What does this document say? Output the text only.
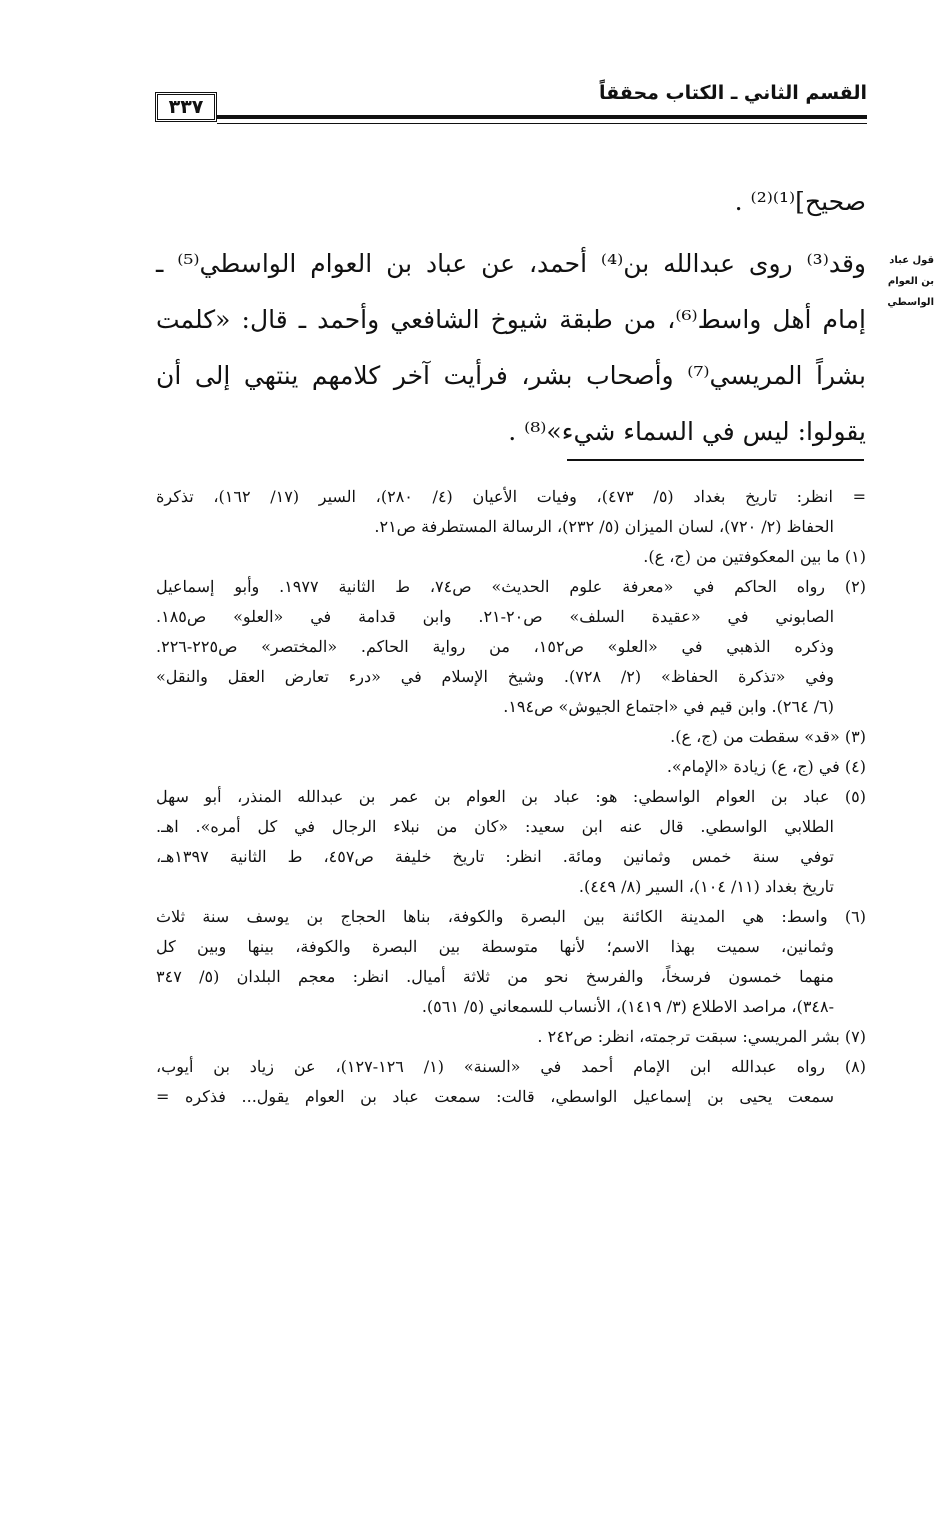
القسم الثاني ـ الكتاب محققاً
٣٣٧
قول عباد
بن العوام
الواسطي
صحيح]⁽¹⁾⁽²⁾ .
وقد⁽³⁾ روى عبدالله بن⁽⁴⁾ أحمد، عن عباد بن العوام الواسطي⁽⁵⁾ ـ
إمام أهل واسط⁽⁶⁾، من طبقة شيوخ الشافعي وأحمد ـ قال: «كلمت
بشراً المريسي⁽⁷⁾ وأصحاب بشر، فرأيت آخر كلامهم ينتهي إلى أن
يقولوا: ليس في السماء شيء»⁽⁸⁾ .
= انظر: تاريخ بغداد (٥/ ٤٧٣)، وفيات الأعيان (٤/ ٢٨٠)، السير (١٧/ ١٦٢)، تذكرة
الحفاظ (٢/ ٧٢٠)، لسان الميزان (٥/ ٢٣٢)، الرسالة المستطرفة ص٢١.
(١) ما بين المعكوفتين من (ج، ع).
(٢) رواه الحاكم في «معرفة علوم الحديث» ص٧٤، ط الثانية ١٩٧٧. وأبو إسماعيل
الصابوني في «عقيدة السلف» ص٢٠-٢١. وابن قدامة في «العلو» ص١٨٥.
وذكره الذهبي في «العلو» ص١٥٢، من رواية الحاكم. «المختصر» ص٢٢٥-٢٢٦.
وفي «تذكرة الحفاظ» (٢/ ٧٢٨). وشيخ الإسلام في «درء تعارض العقل والنقل»
(٦/ ٢٦٤). وابن قيم في «اجتماع الجيوش» ص١٩٤.
(٣) «قد» سقطت من (ج، ع).
(٤) في (ج، ع) زيادة «الإمام».
(٥) عباد بن العوام الواسطي: هو: عباد بن العوام بن عمر بن عبدالله المنذر، أبو سهل
الطلابي الواسطي. قال عنه ابن سعيد: «كان من نبلاء الرجال في كل أمره». اهـ.
توفي سنة خمس وثمانين ومائة. انظر: تاريخ خليفة ص٤٥٧، ط الثانية ١٣٩٧هـ،
تاريخ بغداد (١١/ ١٠٤)، السير (٨/ ٤٤٩).
(٦) واسط: هي المدينة الكائنة بين البصرة والكوفة، بناها الحجاج بن يوسف سنة ثلاث
وثمانين، سميت بهذا الاسم؛ لأنها متوسطة بين البصرة والكوفة، بينها وبين كل
منهما خمسون فرسخاً، والفرسخ نحو من ثلاثة أميال. انظر: معجم البلدان (٥/ ٣٤٧
-٣٤٨)، مراصد الاطلاع (٣/ ١٤١٩)، الأنساب للسمعاني (٥/ ٥٦١).
(٧) بشر المريسي: سبقت ترجمته، انظر: ص٢٤٢ .
(٨) رواه عبدالله ابن الإمام أحمد في «السنة» (١/ ١٢٦-١٢٧)، عن زياد بن أيوب،
سمعت يحيى بن إسماعيل الواسطي، قالت: سمعت عباد بن العوام يقول... فذكره =
